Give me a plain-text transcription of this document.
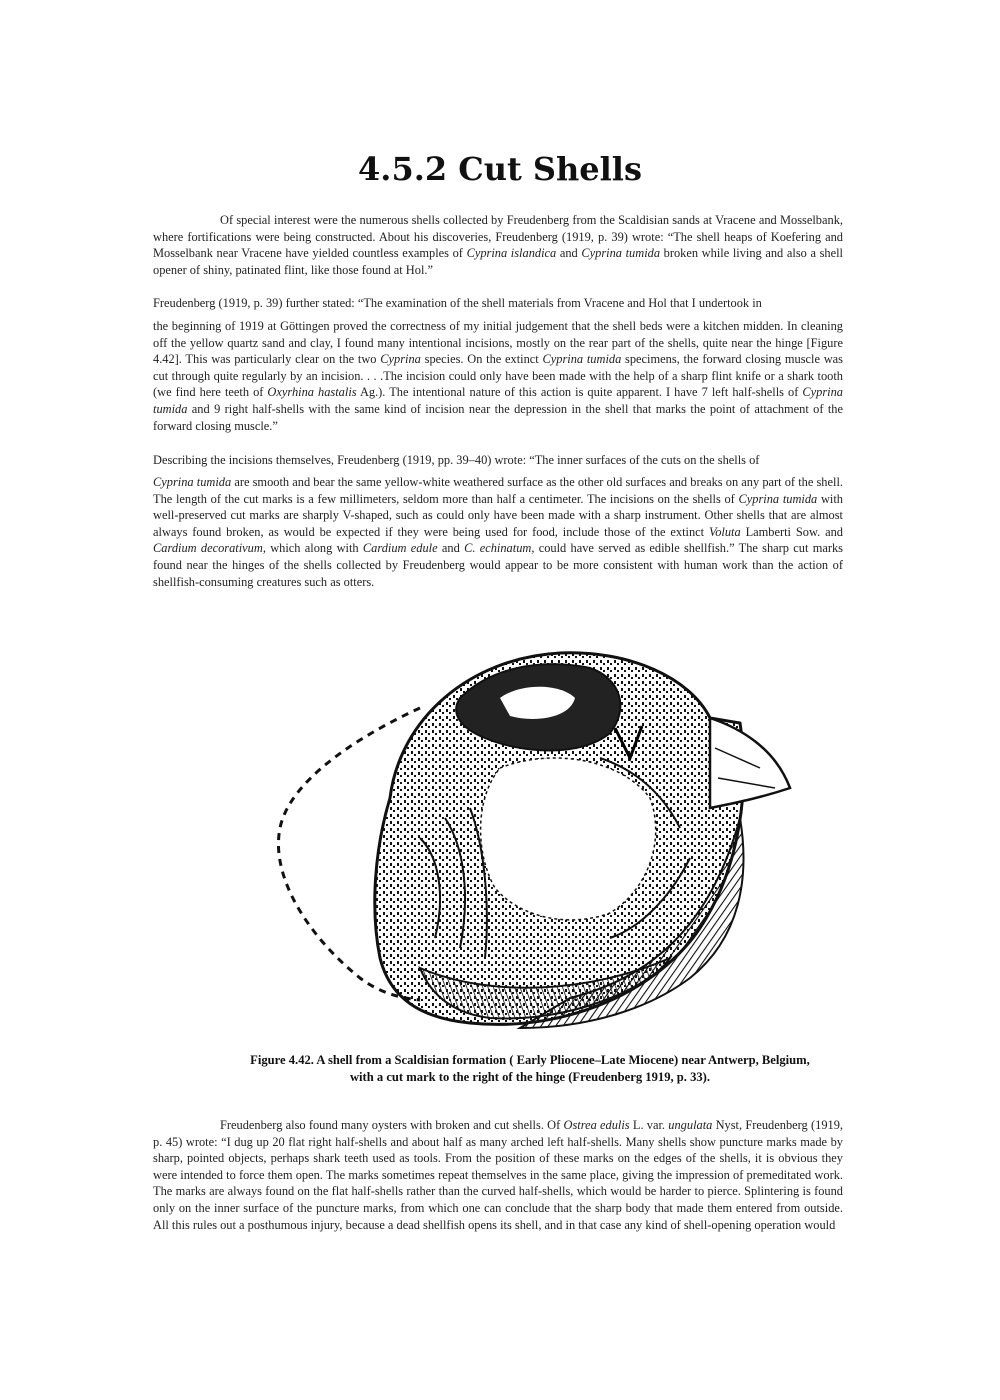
4.5.2 Cut Shells

Of special interest were the numerous shells collected by Freudenberg from the Scaldisian sands at Vracene and Mosselbank, where fortifications were being constructed. About his discoveries, Freudenberg (1919, p. 39) wrote: “The shell heaps of Koefering and Mosselbank near Vracene have yielded countless examples of Cyprina islandica and Cyprina tumida broken while living and also a shell opener of shiny, patinated flint, like those found at Hol.”

Freudenberg (1919, p. 39) further stated: “The examination of the shell materials from Vracene and Hol that I undertook in

the beginning of 1919 at Göttingen proved the correctness of my initial judgement that the shell beds were a kitchen midden. In cleaning off the yellow quartz sand and clay, I found many intentional incisions, mostly on the rear part of the shells, quite near the hinge [Figure 4.42]. This was particularly clear on the two Cyprina species. On the extinct Cyprina tumida specimens, the forward closing muscle was cut through quite regularly by an incision. . . .The incision could only have been made with the help of a sharp flint knife or a shark tooth (we find here teeth of Oxyrhina hastalis Ag.). The intentional nature of this action is quite apparent. I have 7 left half-shells of Cyprina tumida and 9 right half-shells with the same kind of incision near the depression in the shell that marks the point of attachment of the forward closing muscle.”

Describing the incisions themselves, Freudenberg (1919, pp. 39–40) wrote: “The inner surfaces of the cuts on the shells of

Cyprina tumida are smooth and bear the same yellow-white weathered surface as the other old surfaces and breaks on any part of the shell. The length of the cut marks is a few millimeters, seldom more than half a centimeter. The incisions on the shells of Cyprina tumida with well-preserved cut marks are sharply V-shaped, such as could only have been made with a sharp instrument. Other shells that are almost always found broken, as would be expected if they were being used for food, include those of the extinct Voluta Lamberti Sow. and Cardium decorativum, which along with Cardium edule and C. echinatum, could have served as edible shellfish.” The sharp cut marks found near the hinges of the shells collected by Freudenberg would appear to be more consistent with human work than the action of shellfish-consuming creatures such as otters.

Figure 4.42. A shell from a Scaldisian formation ( Early Pliocene–Late Miocene) near Antwerp, Belgium,
with a cut mark to the right of the hinge (Freudenberg 1919, p. 33).

Freudenberg also found many oysters with broken and cut shells. Of Ostrea edulis L. var. ungulata Nyst, Freudenberg (1919, p. 45) wrote: “I dug up 20 flat right half-shells and about half as many arched left half-shells. Many shells show puncture marks made by sharp, pointed objects, perhaps shark teeth used as tools. From the position of these marks on the edges of the shells, it is obvious they were intended to force them open. The marks sometimes repeat themselves in the same place, giving the impression of premeditated work. The marks are always found on the flat half-shells rather than the curved half-shells, which would be harder to pierce. Splintering is found only on the inner surface of the puncture marks, from which one can conclude that the sharp body that made them entered from outside. All this rules out a posthumous injury, because a dead shellfish opens its shell, and in that case any kind of shell-opening operation would
